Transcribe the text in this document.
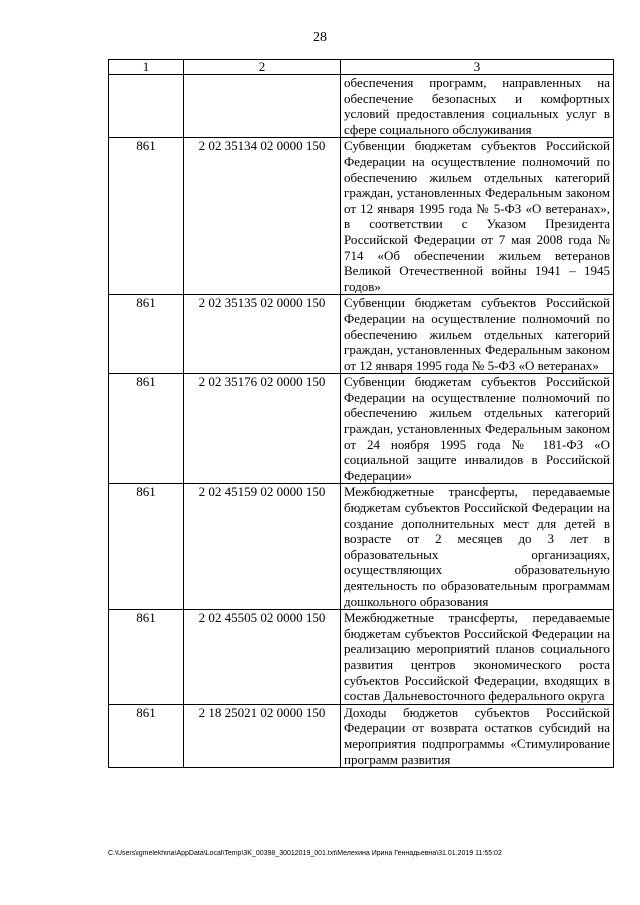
28
1	2	3
		обеспечения программ, направленных на обеспечение безопасных и комфортных условий предоставления социальных услуг в сфере социального обслуживания
861	2 02 35134 02 0000 150	Субвенции бюджетам субъектов Российской Федерации на осуществление полномочий по обеспечению жильем отдельных категорий граждан, установленных Федеральным законом от 12 января 1995 года № 5-ФЗ «О ветеранах», в соответствии с Указом Президента Российской Федерации от 7 мая 2008 года № 714 «Об обеспечении жильем ветеранов Великой Отечественной войны 1941 – 1945 годов»
861	2 02 35135 02 0000 150	Субвенции бюджетам субъектов Российской Федерации на осуществление полномочий по обеспечению жильем отдельных категорий граждан, установленных Федеральным законом от 12 января 1995 года № 5-ФЗ «О ветеранах»
861	2 02 35176 02 0000 150	Субвенции бюджетам субъектов Российской Федерации на осуществление полномочий по обеспечению жильем отдельных категорий граждан, установленных Федеральным законом от 24 ноября 1995 года № 181-ФЗ «О социальной защите инвалидов в Российской Федерации»
861	2 02 45159 02 0000 150	Межбюджетные трансферты, передаваемые бюджетам субъектов Российской Федерации на создание дополнительных мест для детей в возрасте от 2 месяцев до 3 лет в образовательных организациях, осуществляющих образовательную деятельность по образовательным программам дошкольного образования
861	2 02 45505 02 0000 150	Межбюджетные трансферты, передаваемые бюджетам субъектов Российской Федерации на реализацию мероприятий планов социального развития центров экономического роста субъектов Российской Федерации, входящих в состав Дальневосточного федерального округа
861	2 18 25021 02 0000 150	Доходы бюджетов субъектов Российской Федерации от возврата остатков субсидий на мероприятия подпрограммы «Стимулирование программ развития
C:\Users\igmelekhina\AppData\Local\Temp\3K_00398_30012019_001.txt\Мелехина Ирина Геннадьевна\31.01.2019 11:55:02
